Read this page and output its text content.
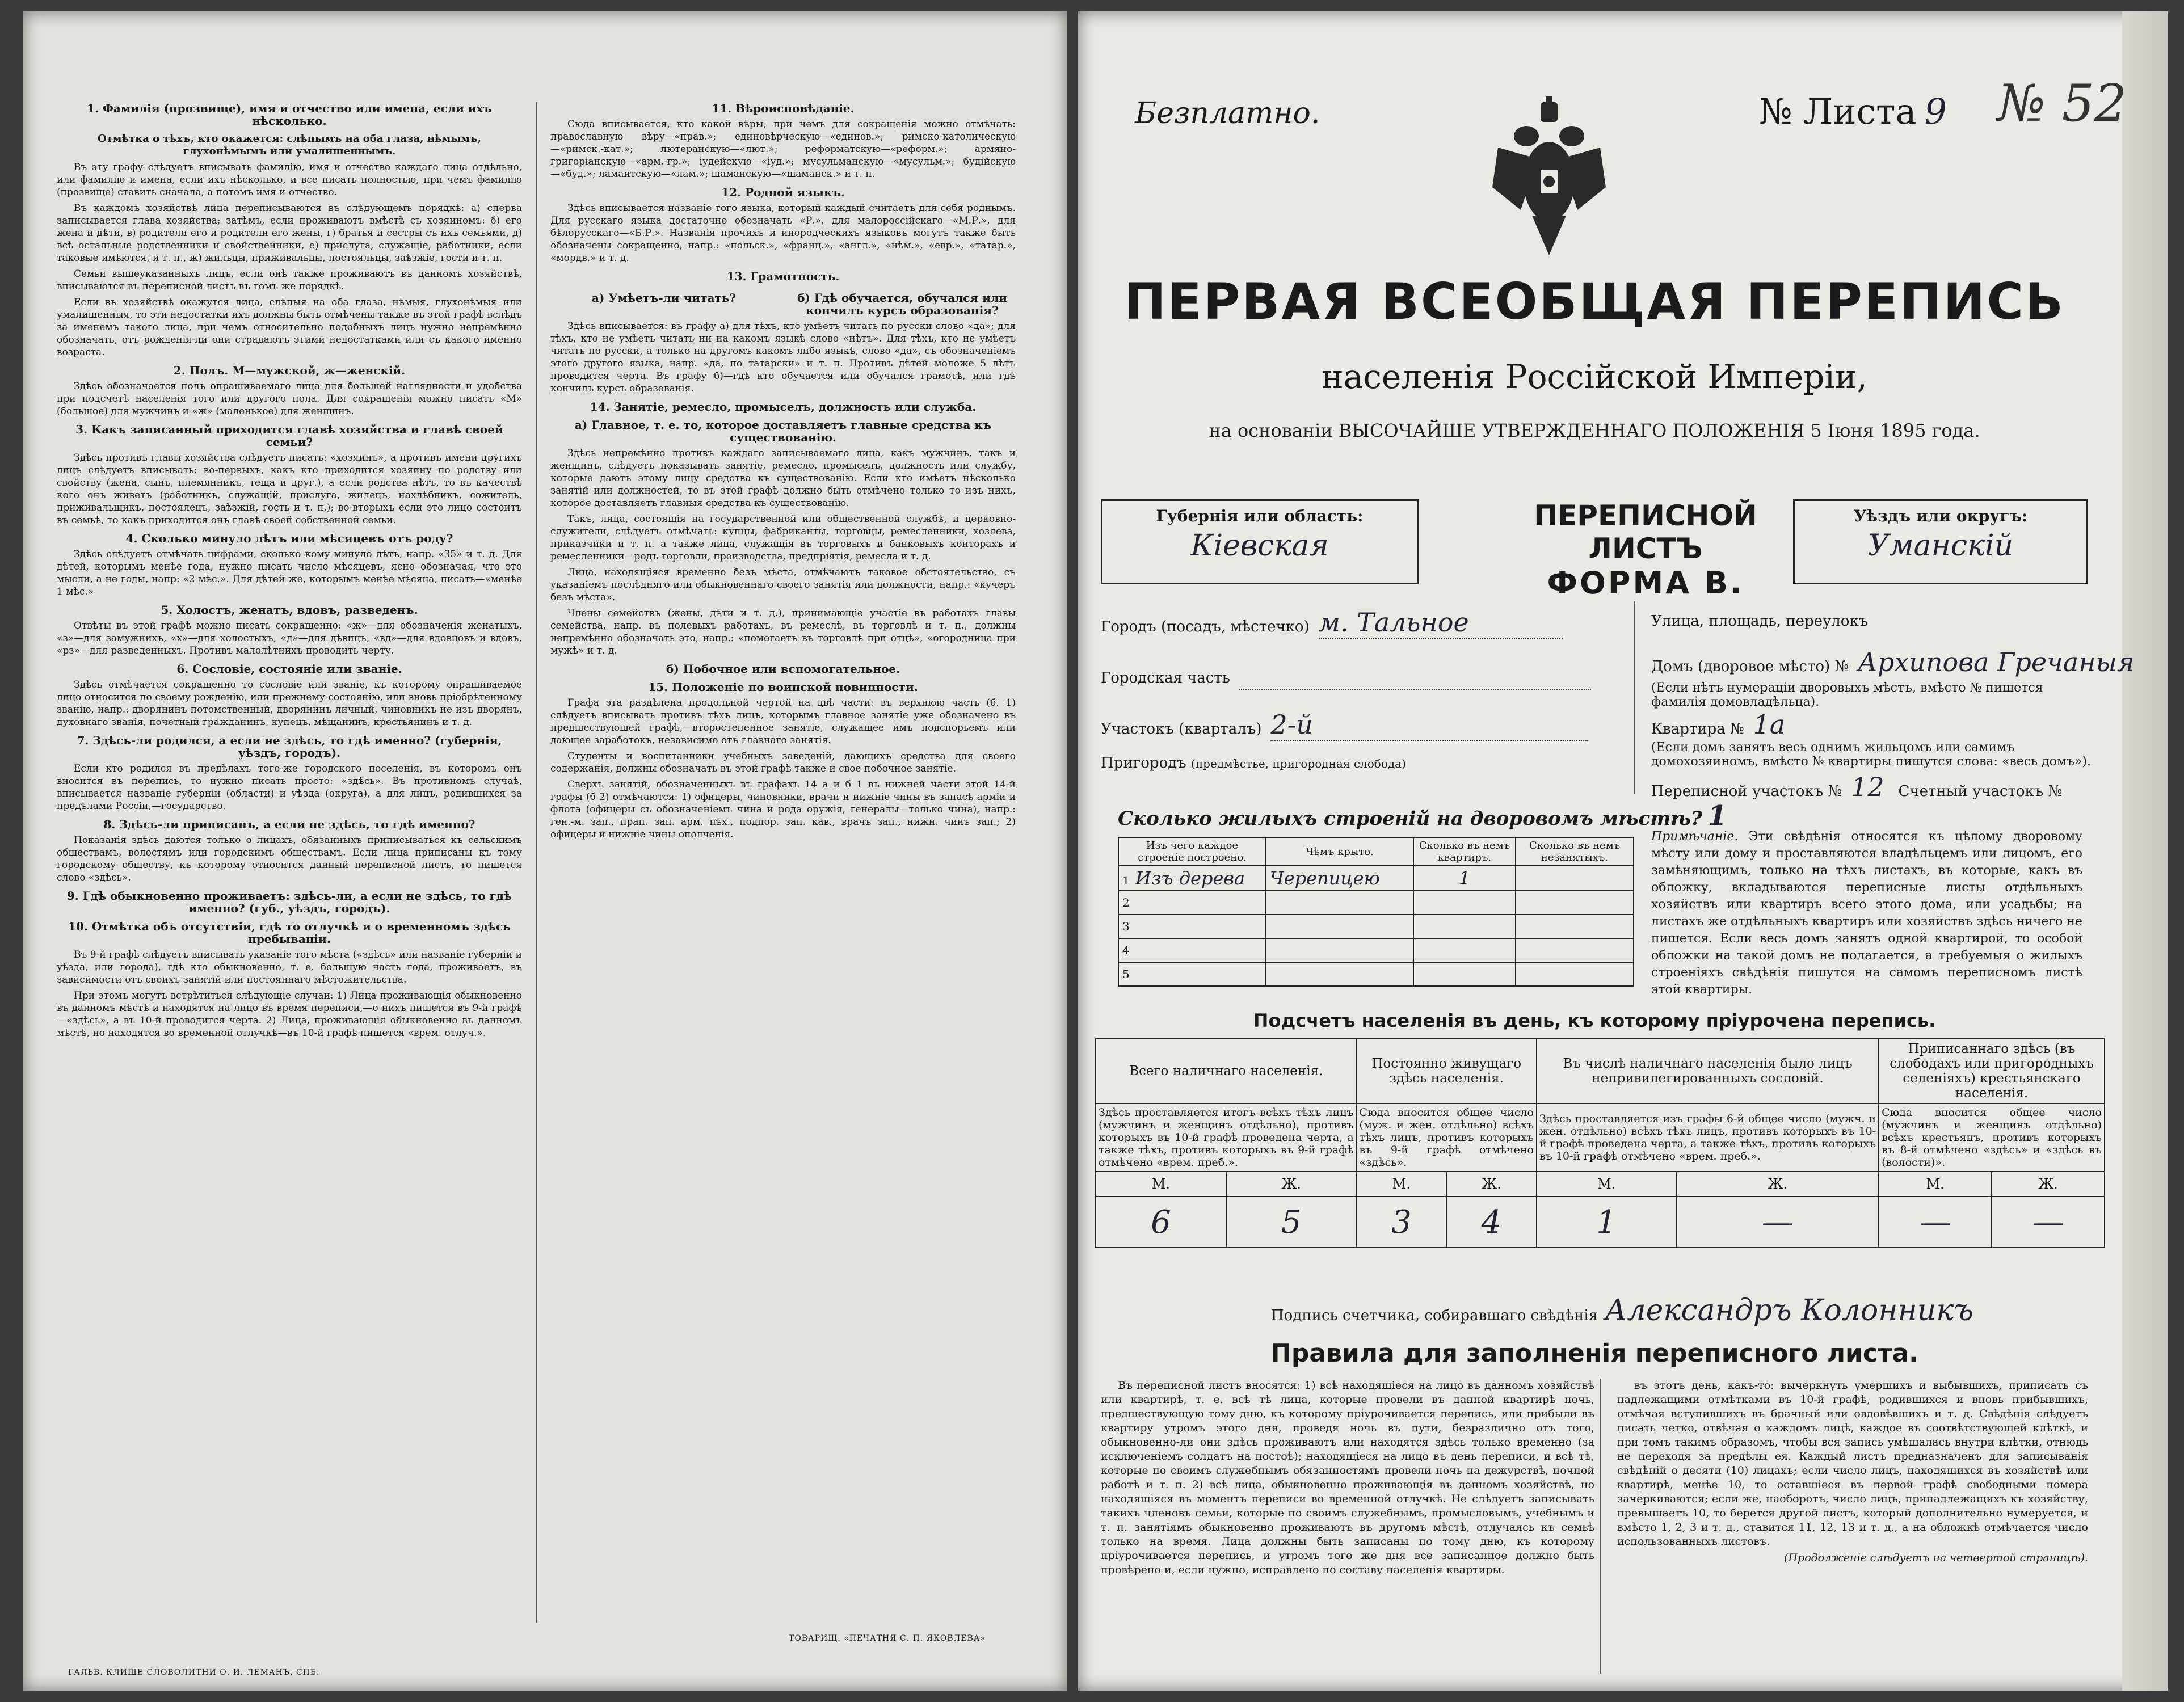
1. Фамилія (прозвище), имя и отчество или имена, если ихъ нѣсколько.
Отмѣтка о тѣхъ, кто окажется: слѣпымъ на оба глаза, нѣмымъ, глухонѣмымъ или умалишеннымъ.

Въ эту графу слѣдуетъ вписывать фамилію, имя и отчество каждаго лица отдѣльно, или фамилію и имена, если ихъ нѣсколько, и все писать полностью, при чемъ фамилію (прозвище) ставить сначала, а потомъ имя и отчество.

Въ каждомъ хозяйствѣ лица переписываются въ слѣдующемъ порядкѣ: а) сперва записывается глава хозяйства; затѣмъ, если проживаютъ вмѣстѣ съ хозяиномъ: б) его жена и дѣти, в) родители его и родители его жены, г) братья и сестры съ ихъ семьями, д) всѣ остальные родственники и свойственники, е) прислуга, служащіе, работники, если таковые имѣются, и т. п., ж) жильцы, приживальцы, постояльцы, заѣзжіе, гости и т. п.

Семьи вышеуказанныхъ лицъ, если онѣ также проживаютъ въ данномъ хозяйствѣ, вписываются въ переписной листъ въ томъ же порядкѣ.

Если въ хозяйствѣ окажутся лица, слѣпыя на оба глаза, нѣмыя, глухонѣмыя или умалишенныя, то эти недостатки ихъ должны быть отмѣчены также въ этой графѣ вслѣдъ за именемъ такого лица, при чемъ относительно подобныхъ лицъ нужно непремѣнно обозначать, отъ рожденія-ли они страдаютъ этими недостатками или съ какого именно возраста.

2. Полъ. М—мужской, ж—женскій.

Здѣсь обозначается полъ опрашиваемаго лица для большей наглядности и удобства при подсчетѣ населенія того или другого пола. Для сокращенія можно писать «М» (большое) для мужчинъ и «ж» (маленькое) для женщинъ.

3. Какъ записанный приходится главѣ хозяйства и главѣ своей семьи?

Здѣсь противъ главы хозяйства слѣдуетъ писать: «хозяинъ», а противъ имени другихъ лицъ слѣдуетъ вписывать: во-первыхъ, какъ кто приходится хозяину по родству или свойству (жена, сынъ, племянникъ, теща и друг.), а если родства нѣтъ, то въ качествѣ кого онъ живетъ (работникъ, служащій, прислуга, жилецъ, нахлѣбникъ, сожитель, приживальщикъ, постоялецъ, заѣзжій, гость и т. п.); во-вторыхъ если это лицо состоитъ въ семьѣ, то какъ приходится онъ главѣ своей собственной семьи.

4. Сколько минуло лѣтъ или мѣсяцевъ отъ роду?

Здѣсь слѣдуетъ отмѣчать цифрами, сколько кому минуло лѣтъ, напр. «35» и т. д. Для дѣтей, которымъ менѣе года, нужно писать число мѣсяцевъ, ясно обозначая, что это мысли, а не годы, напр: «2 мѣс.». Для дѣтей же, которымъ менѣе мѣсяца, писать—«менѣе 1 мѣс.»

5. Холостъ, женатъ, вдовъ, разведенъ.

Отвѣты въ этой графѣ можно писать сокращенно: «ж»—для обозначенія женатыхъ, «з»—для замужнихъ, «х»—для холостыхъ, «д»—для дѣвицъ, «вд»—для вдовцовъ и вдовъ, «рз»—для разведенныхъ. Противъ малолѣтнихъ проводить черту.

6. Сословіе, состояніе или званіе.

Здѣсь отмѣчается сокращенно то сословіе или званіе, къ которому опрашиваемое лицо относится по своему рожденію, или прежнему состоянію, или вновь пріобрѣтенному званію, напр.: дворянинъ потомственный, дворянинъ личный, чиновникъ не изъ дворянъ, духовнаго званія, почетный гражданинъ, купецъ, мѣщанинъ, крестьянинъ и т. д.

7. Здѣсь-ли родился, а если не здѣсь, то гдѣ именно? (губернія, уѣздъ, городъ).

Если кто родился въ предѣлахъ того-же городского поселенія, въ которомъ онъ вносится въ перепись, то нужно писать просто: «здѣсь». Въ противномъ случаѣ, вписывается названіе губерніи (области) и уѣзда (округа), а для лицъ, родившихся за предѣлами Россіи,—государство.

8. Здѣсь-ли приписанъ, а если не здѣсь, то гдѣ именно?

Показанія здѣсь даются только о лицахъ, обязанныхъ приписываться къ сельскимъ обществамъ, волостямъ или городскимъ обществамъ. Если лица приписаны къ тому городскому обществу, къ которому относится данный переписной листъ, то пишется слово «здѣсь».

9. Гдѣ обыкновенно проживаетъ: здѣсь-ли, а если не здѣсь, то гдѣ именно? (губ., уѣздъ, городъ).
10. Отмѣтка объ отсутствіи, гдѣ то отлучкѣ и о временномъ здѣсь пребываніи.

Въ 9-й графѣ слѣдуетъ вписывать указаніе того мѣста («здѣсь» или названіе губерніи и уѣзда, или города), гдѣ кто обыкновенно, т. е. большую часть года, проживаетъ, въ зависимости отъ своихъ занятій или постояннаго мѣстожительства.

При этомъ могутъ встрѣтиться слѣдующіе случаи: 1) Лица проживающія обыкновенно въ данномъ мѣстѣ и находятся на лицо въ время переписи,—о нихъ пишется въ 9-й графѣ—«здѣсь», а въ 10-й проводится черта. 2) Лица, проживающія обыкновенно въ данномъ мѣстѣ, но находятся во временной отлучкѣ—въ 10-й графѣ пишется «врем. отлуч.».

11. Вѣроисповѣданіе.

Сюда вписывается, кто какой вѣры, при чемъ для сокращенія можно отмѣчать: православную вѣру—«прав.»; единовѣрческую—«единов.»; римско-католическую—«римск.-кат.»; лютеранскую—«лют.»; реформатскую—«реформ.»; армяно-григоріанскую—«арм.-гр.»; іудейскую—«іуд.»; мусульманскую—«мусульм.»; будійскую—«буд.»; ламаитскую—«лам.»; шаманскую—«шаманск.» и т. п.

12. Родной языкъ.

Здѣсь вписывается названіе того языка, который каждый считаетъ для себя роднымъ. Для русскаго языка достаточно обозначать «Р.», для малороссійскаго—«М.Р.», для бѣлорусскаго—«Б.Р.». Названія прочихъ и инородческихъ языковъ могутъ также быть обозначены сокращенно, напр.: «польск.», «франц.», «англ.», «нѣм.», «евр.», «татар.», «мордв.» и т. д.

13. Грамотность.
а) Умѣетъ-ли читать?	б) Гдѣ обучается, обучался или кончилъ курсъ образованія?

Здѣсь вписывается: въ графу а) для тѣхъ, кто умѣетъ читать по русски слово «да»; для тѣхъ, кто не умѣетъ читать ни на какомъ языкѣ слово «нѣтъ». Для тѣхъ, кто не умѣетъ читать по русски, а только на другомъ какомъ либо языкѣ, слово «да», съ обозначеніемъ этого другого языка, напр. «да, по татарски» и т. п. Противъ дѣтей моложе 5 лѣтъ проводится черта. Въ графу б)—гдѣ кто обучается или обучался грамотѣ, или гдѣ кончилъ курсъ образованія.

14. Занятіе, ремесло, промыселъ, должность или служба.
а) Главное, т. е. то, которое доставляетъ главные средства къ существованію.

Здѣсь непремѣнно противъ каждаго записываемаго лица, какъ мужчинъ, такъ и женщинъ, слѣдуетъ показывать занятіе, ремесло, промыселъ, должность или службу, которые даютъ этому лицу средства къ существованію. Если кто имѣетъ нѣсколько занятій или должностей, то въ этой графѣ должно быть отмѣчено только то изъ нихъ, которое доставляетъ главныя средства къ существованію.

Такъ, лица, состоящія на государственной или общественной службѣ, и церковно-служители, слѣдуетъ отмѣчать: купцы, фабриканты, торговцы, ремесленники, хозяева, приказчики и т. п. а также лица, служащія въ торговыхъ и банковыхъ конторахъ и ремесленники—родъ торговли, производства, предпріятія, ремесла и т. д.

Лица, находящіяся временно безъ мѣста, отмѣчаютъ таковое обстоятельство, съ указаніемъ послѣдняго или обыкновеннаго своего занятія или должности, напр.: «кучеръ безъ мѣста».

Члены семействъ (жены, дѣти и т. д.), принимающіе участіе въ работахъ главы семейства, напр. въ полевыхъ работахъ, въ ремеслѣ, въ торговлѣ и т. п., должны непремѣнно обозначать это, напр.: «помогаетъ въ торговлѣ при отцѣ», «огородница при мужѣ» и т. д.

б) Побочное или вспомогательное.
15. Положеніе по воинской повинности.

Графа эта раздѣлена продольной чертой на двѣ части: въ верхнюю часть (б. 1) слѣдуетъ вписывать противъ тѣхъ лицъ, которымъ главное занятіе уже обозначено въ предшествующей графѣ,—второстепенное занятіе, служащее имъ подспорьемъ или дающее заработокъ, независимо отъ главнаго занятія.

Студенты и воспитанники учебныхъ заведеній, дающихъ средства для своего содержанія, должны обозначать въ этой графѣ также и свое побочное занятіе.

Сверхъ занятій, обозначенныхъ въ графахъ 14 а и б 1 въ нижней части этой 14-й графы (б 2) отмѣчаются: 1) офицеры, чиновники, врачи и нижніе чины въ запасѣ арміи и флота (офицеры съ обозначеніемъ чина и рода оружія, генералы—только чина), напр.: ген.-м. зап., прап. зап. арм. пѣх., подпор. зап. кав., врачъ зап., нижн. чинъ зап.; 2) офицеры и нижніе чины ополченія.

ТОВАРИЩ. «ПЕЧАТНЯ С. П. ЯКОВЛЕВА»
ГАЛЬВ. КЛИШЕ СЛОВОЛИТНИ О. И. ЛЕМАНЪ, СПБ.
Безплатно.	№ Листа 9 № 52
ПЕРВАЯ ВСЕОБЩАЯ ПЕРЕПИСЬ
населенія Россійской Имперіи,
на основаніи ВЫСОЧАЙШЕ УТВЕРЖДЕННАГО ПОЛОЖЕНІЯ 5 Іюня 1895 года.
Губернія или область:
Кіевская
ПЕРЕПИСНОЙ ЛИСТЪ
ФОРМА В.
Уѣздъ или округъ:
Уманскій
Городъ (посадъ, мѣстечко) м. Тальное
Городская часть
Участокъ (кварталъ) 2-й
Пригородъ (предмѣстье, пригородная слобода)
Улица, площадь, переулокъ
Домъ (дворовое мѣсто) № Архипова Гречаныя
(Если нѣтъ нумераціи дворовыхъ мѣстъ, вмѣсто № пишется фамилія домовладѣльца).
Квартира № 1а
(Если домъ занятъ весь однимъ жильцомъ или самимъ домохозяиномъ, вмѣсто № квартиры пишутся слова: «весь домъ»).
Переписной участокъ № 12 Счетный участокъ №
Сколько жилыхъ строеній на дворовомъ мѣстѣ? 1
Изъ чего каждое строеніе построено.	Чѣмъ крыто.	Сколько въ немъ квартиръ.	Сколько въ немъ незанятыхъ.
1 Изъ дерева	Черепицею	1	
2			
3			
4			
5			
Примѣчаніе. Эти свѣдѣнія относятся къ цѣлому дворовому мѣсту или дому и проставляются владѣльцемъ или лицомъ, его замѣняющимъ, только на тѣхъ листахъ, въ которые, какъ въ обложку, вкладываются переписные листы отдѣльныхъ хозяйствъ или квартиръ всего этого дома, или усадьбы; на листахъ же отдѣльныхъ квартиръ или хозяйствъ здѣсь ничего не пишется. Если весь домъ занятъ одной квартирой, то особой обложки на такой домъ не полагается, а требуемыя о жилыхъ строеніяхъ свѣдѣнія пишутся на самомъ переписномъ листѣ этой квартиры.
Подсчетъ населенія въ день, къ которому пріурочена перепись.
Всего наличнаго населенія.		Постоянно живущаго здѣсь населенія.		Въ числѣ наличнаго населенія было лицъ непривилегированныхъ сословій.		Приписаннаго здѣсь (въ слободахъ или пригородныхъ селеніяхъ) крестьянскаго населенія.	
Здѣсь проставляется итогъ всѣхъ тѣхъ лицъ (мужчинъ и женщинъ отдѣльно), противъ которыхъ въ 10-й графѣ проведена черта, а также тѣхъ, противъ которыхъ въ 9-й графѣ отмѣчено «врем. преб.».		Сюда вносится общее число (муж. и жен. отдѣльно) всѣхъ тѣхъ лицъ, противъ которыхъ въ 9-й графѣ отмѣчено «здѣсь».		Здѣсь проставляется изъ графы 6-й общее число (мужч. и жен. отдѣльно) всѣхъ тѣхъ лицъ, противъ которыхъ въ 10-й графѣ проведена черта, а также тѣхъ, противъ которыхъ въ 10-й графѣ отмѣчено «врем. преб.».		Сюда вносится общее число (мужчинъ и женщинъ отдѣльно) всѣхъ крестьянъ, противъ которыхъ въ 8-й отмѣчено «здѣсь» и «здѣсь въ (волости)».	
М.	Ж.	М.	Ж.	М.	Ж.	М.	Ж.
6	5	3	4	1	—	—	—
Подпись счетчика, собиравшаго свѣдѣнія Александръ Колонникъ
Правила для заполненія переписного листа.

Въ переписной листъ вносятся: 1) всѣ находящіеся на лицо въ данномъ хозяйствѣ или квартирѣ, т. е. всѣ тѣ лица, которые провели въ данной квартирѣ ночь, предшествующую тому дню, къ которому пріурочивается перепись, или прибыли въ квартиру утромъ этого дня, проведя ночь въ пути, безразлично отъ того, обыкновенно-ли они здѣсь проживаютъ или находятся здѣсь только временно (за исключеніемъ солдатъ на постоѣ); находящіеся на лицо въ день переписи, и всѣ тѣ, которые по своимъ служебнымъ обязанностямъ провели ночь на дежурствѣ, ночной работѣ и т. п. 2) всѣ лица, обыкновенно проживающія въ данномъ хозяйствѣ, но находящіяся въ моментъ переписи во временной отлучкѣ. Не слѣдуетъ записывать такихъ членовъ семьи, которые по своимъ служебнымъ, промысловымъ, учебнымъ и т. п. занятіямъ обыкновенно проживаютъ въ другомъ мѣстѣ, отлучаясь къ семьѣ только на время. Лица должны быть записаны по тому дню, къ которому пріурочивается перепись, и утромъ того же дня все записанное должно быть провѣрено и, если нужно, исправлено по составу населенія квартиры.

въ этотъ день, какъ-то: вычеркнуть умершихъ и выбывшихъ, приписать съ надлежащими отмѣтками въ 10-й графѣ, родившихся и вновь прибывшихъ, отмѣчая вступившихъ въ брачный или овдовѣвшихъ и т. д. Свѣдѣнія слѣдуетъ писать четко, отвѣчая о каждомъ лицѣ, каждое въ соотвѣтствующей клѣткѣ, и при томъ такимъ образомъ, чтобы вся запись умѣщалась внутри клѣтки, отнюдь не переходя за предѣлы ея. Каждый листъ предназначенъ для записыванія свѣдѣній о десяти (10) лицахъ; если число лицъ, находящихся въ хозяйствѣ или квартирѣ, менѣе 10, то оставшіеся въ первой графѣ свободными номера зачеркиваются; если же, наоборотъ, число лицъ, принадлежащихъ къ хозяйству, превышаетъ 10, то берется другой листъ, который дополнительно нумеруется, и вмѣсто 1, 2, 3 и т. д., ставится 11, 12, 13 и т. д., а на обложкѣ отмѣчается число использованныхъ листовъ.

(Продолженіе слѣдуетъ на четвертой страницѣ).
